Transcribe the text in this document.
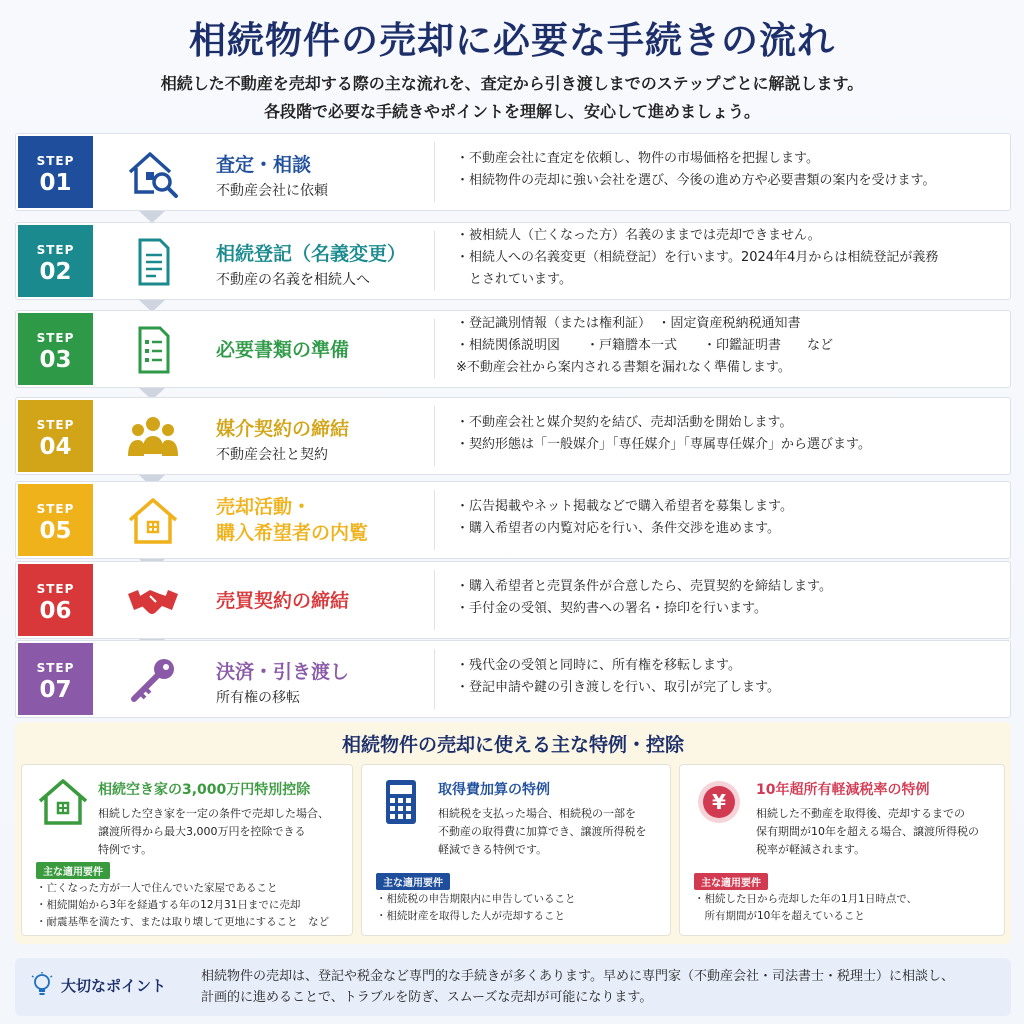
相続物件の売却に必要な手続きの流れ
相続した不動産を売却する際の主な流れを、査定から引き渡しまでのステップごとに解説します。
各段階で必要な手続きやポイントを理解し、安心して進めましょう。
STEP
01
査定・相談
不動産会社に依頼
・不動産会社に査定を依頼し、物件の市場価格を把握します。
・相続物件の売却に強い会社を選び、今後の進め方や必要書類の案内を受けます。
STEP
02
相続登記（名義変更）
不動産の名義を相続人へ
・被相続人（亡くなった方）名義のままでは売却できません。
・相続人への名義変更（相続登記）を行います。2024年4月からは相続登記が義務
　とされています。
STEP
03	必要書類の準備
・登記識別情報（または権利証）　・固定資産税納税通知書
・相続関係説明図　　・戸籍謄本一式　　・印鑑証明書　　など
※不動産会社から案内される書類を漏れなく準備します。
STEP
04
媒介契約の締結
不動産会社と契約
・不動産会社と媒介契約を結び、売却活動を開始します。
・契約形態は「一般媒介」「専任媒介」「専属専任媒介」から選びます。
STEP
05
売却活動・
購入希望者の内覧
・広告掲載やネット掲載などで購入希望者を募集します。
・購入希望者の内覧対応を行い、条件交渉を進めます。
STEP
06	売買契約の締結
・購入希望者と売買条件が合意したら、売買契約を締結します。
・手付金の受領、契約書への署名・捺印を行います。
STEP
07
決済・引き渡し
所有権の移転
・残代金の受領と同時に、所有権を移転します。
・登記申請や鍵の引き渡しを行い、取引が完了します。
相続物件の売却に使える主な特例・控除
相続空き家の3,000万円特別控除
相続した空き家を一定の条件で売却した場合、
譲渡所得から最大3,000万円を控除できる
特例です。
主な適用要件
・亡くなった方が一人で住んでいた家屋であること
・相続開始から3年を経過する年の12月31日までに売却
・耐震基準を満たす、または取り壊して更地にすること　など
取得費加算の特例
相続税を支払った場合、相続税の一部を
不動産の取得費に加算でき、譲渡所得税を
軽減できる特例です。
主な適用要件
・相続税の申告期限内に申告していること
・相続財産を取得した人が売却すること
¥ 10年超所有軽減税率の特例
相続した不動産を取得後、売却するまでの
保有期間が10年を超える場合、譲渡所得税の
税率が軽減されます。
主な適用要件
・相続した日から売却した年の1月1日時点で、
　所有期間が10年を超えていること
大切なポイント
相続物件の売却は、登記や税金など専門的な手続きが多くあります。早めに専門家（不動産会社・司法書士・税理士）に相談し、
計画的に進めることで、トラブルを防ぎ、スムーズな売却が可能になります。
